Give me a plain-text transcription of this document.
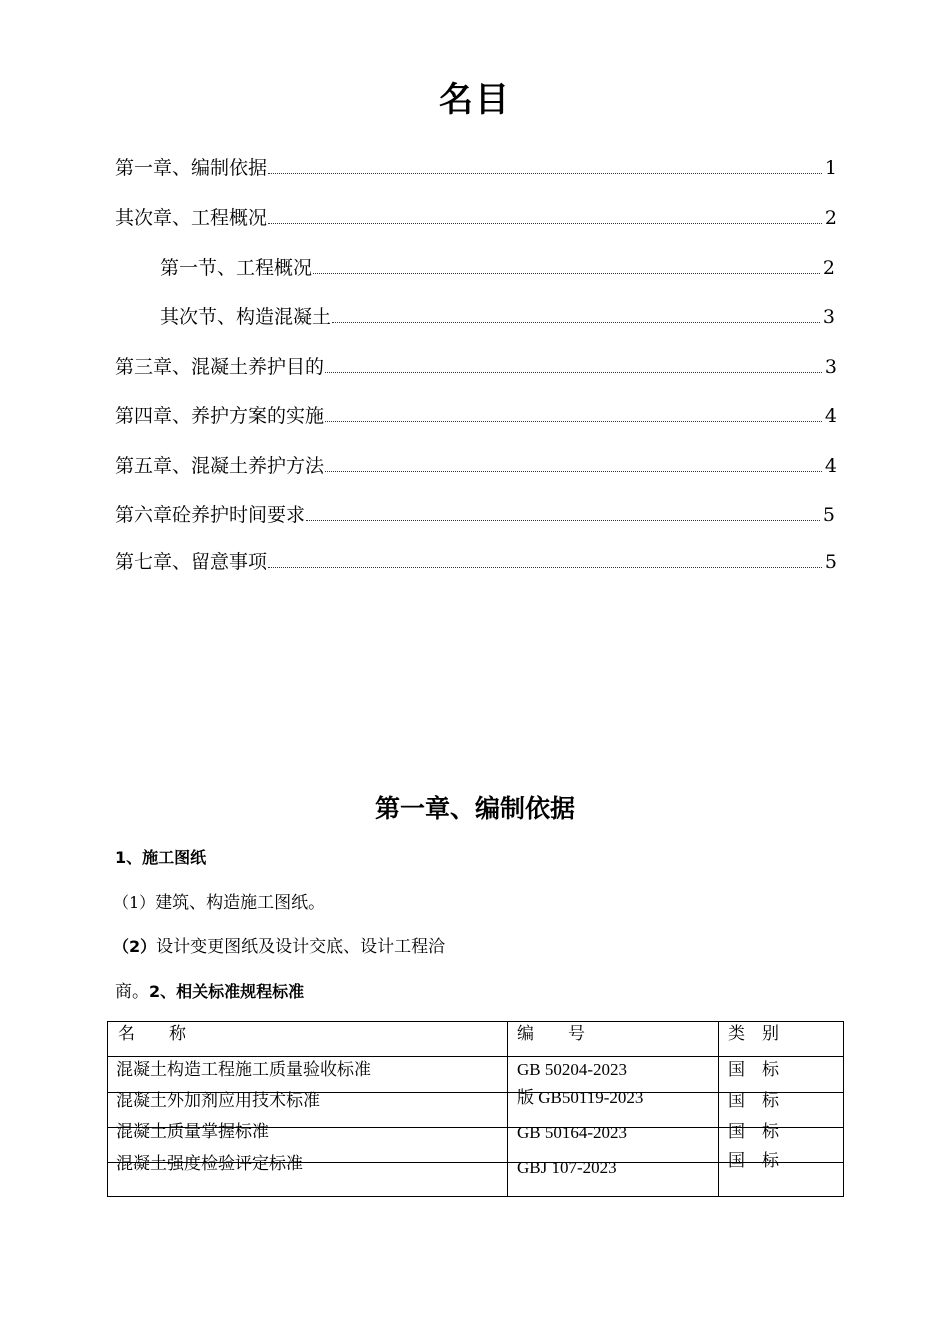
名目
第一章、编制依据	1
其次章、工程概况	2
第一节、工程概况	2
其次节、构造混凝土	3
第三章、混凝土养护目的	3
第四章、养护方案的实施	4
第五章、混凝土养护方法	4
第六章砼养护时间要求	5
第七章、留意事项	5
第一章、编制依据
1、施工图纸
（1）建筑、构造施工图纸。
（2）设计变更图纸及设计交底、设计工程洽
商。2、相关标准规程标准
名　　称	编　　号	类　别
混凝土构造工程施工质量验收标准	GB 50204-2023	国　标
混凝土外加剂应用技术标准	版 GB50119-2023	国　标
混凝土质量掌握标准	GB 50164-2023	国　标
混凝土强度检验评定标准	GBJ 107-2023	国　标
